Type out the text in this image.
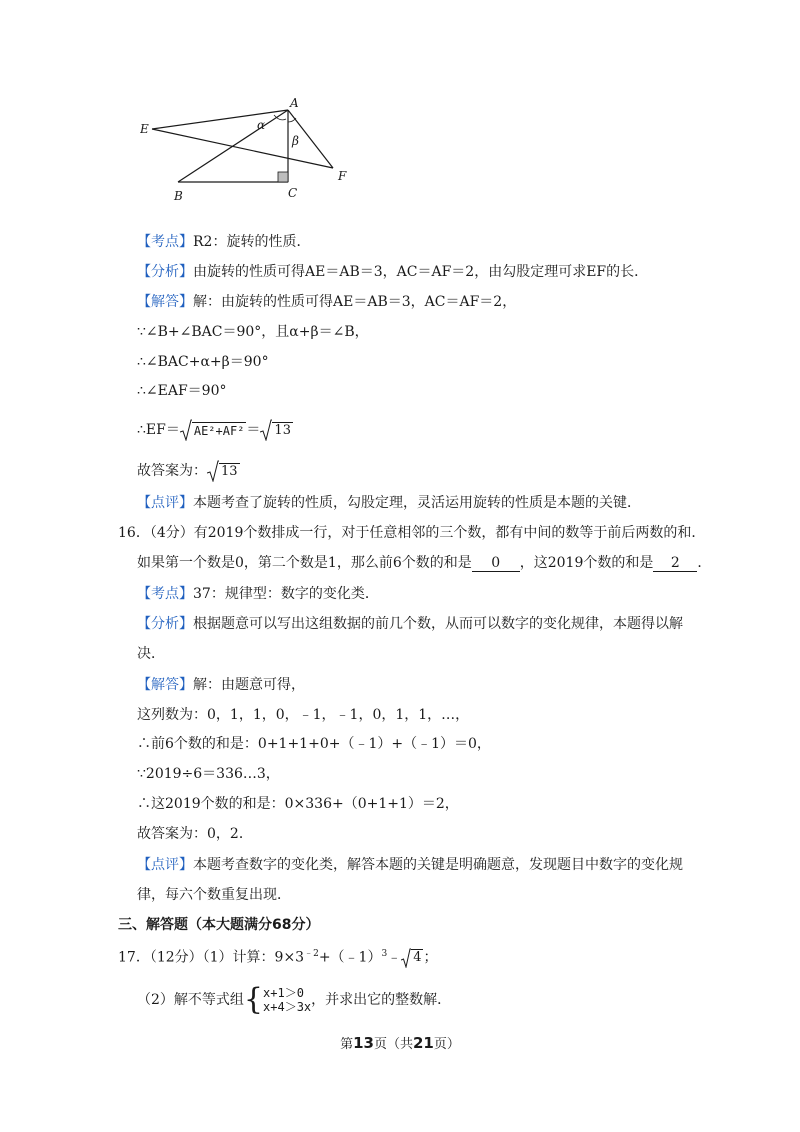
A
B	C
E
F
α
β
【考点】R2：旋转的性质．
【分析】由旋转的性质可得AE＝AB＝3，AC＝AF＝2，由勾股定理可求EF的长．
【解答】解：由旋转的性质可得AE＝AB＝3，AC＝AF＝2，
∵∠B+∠BAC＝90°，且α+β＝∠B，
∴∠BAC+α+β＝90°
∴∠EAF＝90°
∴EF＝ AE²+AF² ＝ 13
故答案为： 13
【点评】本题考查了旋转的性质，勾股定理，灵活运用旋转的性质是本题的关键．
16．（4分）有2019个数排成一行，对于任意相邻的三个数，都有中间的数等于前后两数的和．
如果第一个数是0，第二个数是1，那么前6个数的和是 0 ，这2019个数的和是 2 ．
【考点】37：规律型：数字的变化类．
【分析】根据题意可以写出这组数据的前几个数，从而可以数字的变化规律，本题得以解
决．
【解答】解：由题意可得，
这列数为：0，1，1，0，﹣1，﹣1，0，1，1，…，
∴前6个数的和是：0+1+1+0+（﹣1）+（﹣1）＝0，
∵2019÷6＝336…3，
∴这2019个数的和是：0×336+（0+1+1）＝2，
故答案为：0，2．
【点评】本题考查数字的变化类，解答本题的关键是明确题意，发现题目中数字的变化规
律，每六个数重复出现．
三、解答题（本大题满分68分）
17．（12分）（1）计算：$9\times 3^{﹣2}+(﹣1)^3﹣$ 4 ；
（2）解不等式组{ x+1＞0
x+4＞3x ，并求出它的整数解．
第13页（共21页）
